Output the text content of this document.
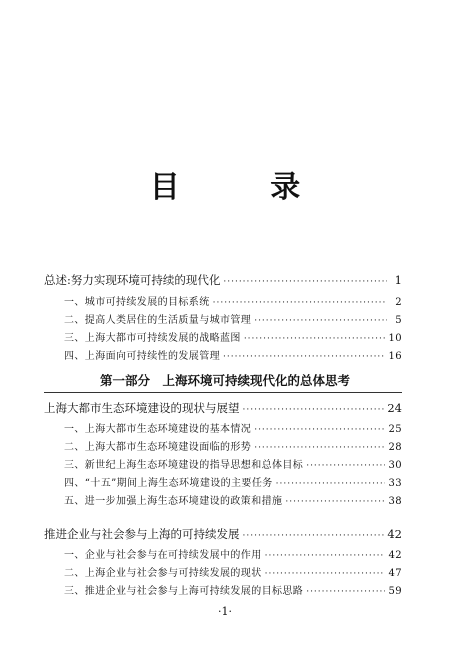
目 录
总述:努力实现环境可持续的现代化 ·····	1
一、城市可持续发展的目标系统 ·····	2
二、提高人类居住的生活质量与城市管理 ·····	5
三、上海大都市可持续发展的战略蓝图 ·····	10
四、上海面向可持续性的发展管理 ·····	16
第一部分　上海环境可持续现代化的总体思考
上海大都市生态环境建设的现状与展望 ·····	24
一、上海大都市生态环境建设的基本情况 ·····	25
二、上海大都市生态环境建设面临的形势 ·····	28
三、新世纪上海生态环境建设的指导思想和总体目标 ·····	30
四、“十五”期间上海生态环境建设的主要任务 ·····	33
五、进一步加强上海生态环境建设的政策和措施 ·····	38
推进企业与社会参与上海的可持续发展 ·····	42
一、企业与社会参与在可持续发展中的作用 ·····	42
二、上海企业与社会参与可持续发展的现状 ·····	47
三、推进企业与社会参与上海可持续发展的目标思路 ·····	59
·1·
